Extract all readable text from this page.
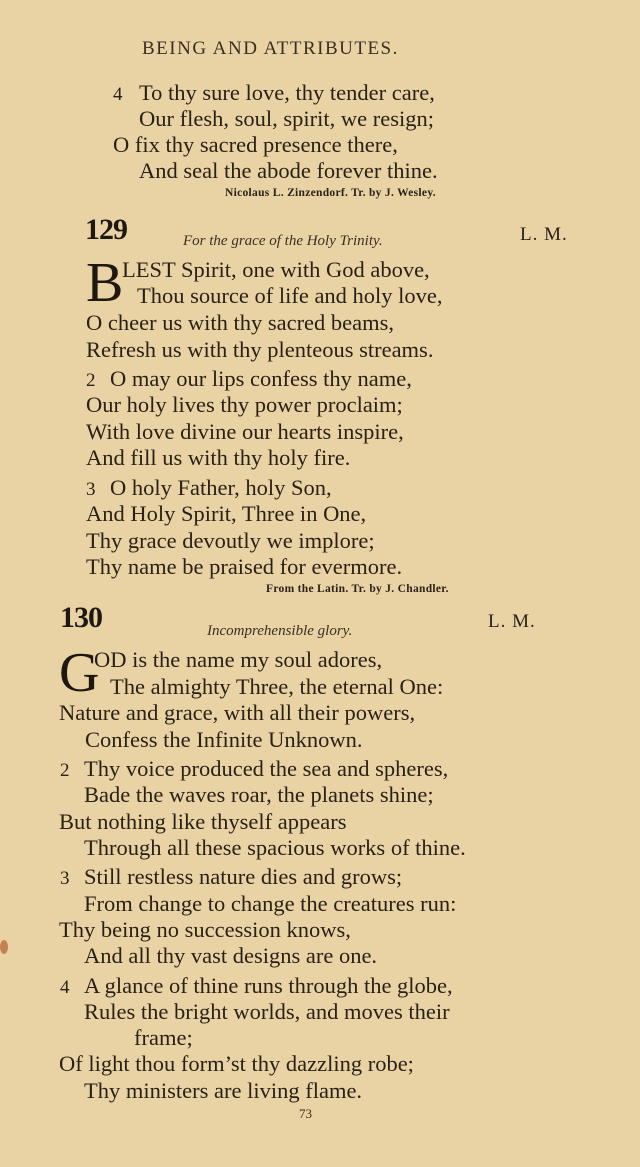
BEING AND ATTRIBUTES.
4 To thy sure love, thy tender care,
Our flesh, soul, spirit, we resign;
O fix thy sacred presence there,
And seal the abode forever thine.
Nicolaus L. Zinzendorf. Tr. by J. Wesley.
129	For the grace of the Holy Trinity.	L. M.
B
LEST Spirit, one with God above,
Thou source of life and holy love,
O cheer us with thy sacred beams,
Refresh us with thy plenteous streams.
2 O may our lips confess thy name,
Our holy lives thy power proclaim;
With love divine our hearts inspire,
And fill us with thy holy fire.
3 O holy Father, holy Son,
And Holy Spirit, Three in One,
Thy grace devoutly we implore;
Thy name be praised for evermore.
From the Latin. Tr. by J. Chandler.
130	Incomprehensible glory.	L. M.
G
OD is the name my soul adores,
The almighty Three, the eternal One:
Nature and grace, with all their powers,
Confess the Infinite Unknown.
2 Thy voice produced the sea and spheres,
Bade the waves roar, the planets shine;
But nothing like thyself appears
Through all these spacious works of thine.
3 Still restless nature dies and grows;
From change to change the creatures run:
Thy being no succession knows,
And all thy vast designs are one.
4 A glance of thine runs through the globe,
Rules the bright worlds, and moves their
frame;
Of light thou form’st thy dazzling robe;
Thy ministers are living flame.
73
